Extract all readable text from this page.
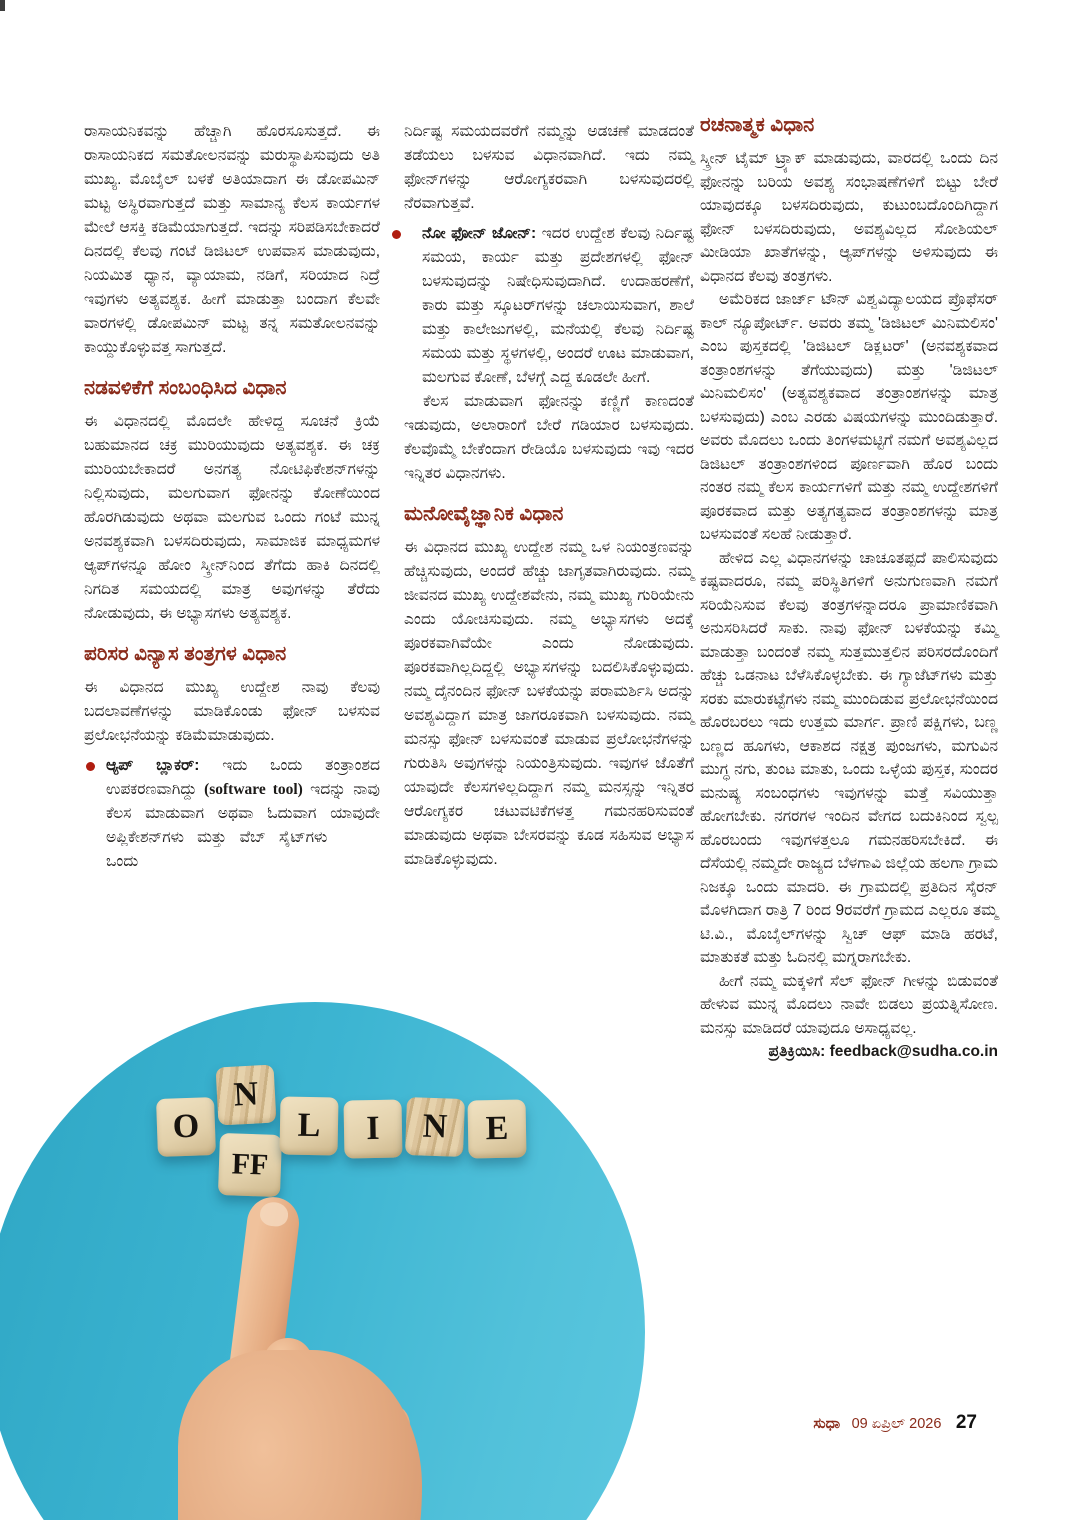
ರಾಸಾಯನಿಕವನ್ನು ಹೆಚ್ಚಾಗಿ ಹೊರಸೂಸುತ್ತದೆ. ಈ ರಾಸಾಯನಿಕದ ಸಮತೋಲನವನ್ನು ಮರುಸ್ಥಾಪಿಸುವುದು ಅತಿ ಮುಖ್ಯ. ಮೊಬೈಲ್ ಬಳಕೆ ಅತಿಯಾದಾಗ ಈ ಡೋಪಮಿನ್ ಮಟ್ಟ ಅಸ್ಥಿರವಾಗುತ್ತದೆ ಮತ್ತು ಸಾಮಾನ್ಯ ಕೆಲಸ ಕಾರ್ಯಗಳ ಮೇಲೆ ಆಸಕ್ತಿ ಕಡಿಮೆಯಾಗುತ್ತದೆ. ಇದನ್ನು ಸರಿಪಡಿಸಬೇಕಾದರೆ ದಿನದಲ್ಲಿ ಕೆಲವು ಗಂಟೆ ಡಿಜಿಟಲ್ ಉಪವಾಸ ಮಾಡುವುದು, ನಿಯಮಿತ ಧ್ಯಾನ, ವ್ಯಾಯಾಮ, ನಡಿಗೆ, ಸರಿಯಾದ ನಿದ್ರೆ ಇವುಗಳು ಅತ್ಯವಶ್ಯಕ. ಹೀಗೆ ಮಾಡುತ್ತಾ ಬಂದಾಗ ಕೆಲವೇ ವಾರಗಳಲ್ಲಿ ಡೋಪಮಿನ್ ಮಟ್ಟ ತನ್ನ ಸಮತೋಲನವನ್ನು ಕಾಯ್ದುಕೊಳ್ಳುವತ್ತ ಸಾಗುತ್ತದೆ.

ನಡವಳಿಕೆಗೆ ಸಂಬಂಧಿಸಿದ ವಿಧಾನ

ಈ ವಿಧಾನದಲ್ಲಿ ಮೊದಲೇ ಹೇಳಿದ್ದ ಸೂಚನೆ ಕ್ರಿಯೆ ಬಹುಮಾನದ ಚಕ್ರ ಮುರಿಯುವುದು ಅತ್ಯವಶ್ಯಕ. ಈ ಚಕ್ರ ಮುರಿಯಬೇಕಾದರೆ ಅನಗತ್ಯ ನೋಟಿಫಿಕೇಶನ್‌ಗಳನ್ನು ನಿಲ್ಲಿಸುವುದು, ಮಲಗುವಾಗ ಫೋನನ್ನು ಕೋಣೆಯಿಂದ ಹೊರಗಿಡುವುದು ಅಥವಾ ಮಲಗುವ ಒಂದು ಗಂಟೆ ಮುನ್ನ ಅನವಶ್ಯಕವಾಗಿ ಬಳಸದಿರುವುದು, ಸಾಮಾಜಿಕ ಮಾಧ್ಯಮಗಳ ಆ್ಯಪ್‌ಗಳನ್ನೂ ಹೋಂ ಸ್ಕ್ರೀನ್‌ನಿಂದ ತೆಗೆದು ಹಾಕಿ ದಿನದಲ್ಲಿ ನಿಗದಿತ ಸಮಯದಲ್ಲಿ ಮಾತ್ರ ಅವುಗಳನ್ನು ತೆರೆದು ನೋಡುವುದು, ಈ ಅಭ್ಯಾಸಗಳು ಅತ್ಯವಶ್ಯಕ.

ಪರಿಸರ ವಿನ್ಯಾಸ ತಂತ್ರಗಳ ವಿಧಾನ

ಈ ವಿಧಾನದ ಮುಖ್ಯ ಉದ್ದೇಶ ನಾವು ಕೆಲವು ಬದಲಾವಣೆಗಳನ್ನು ಮಾಡಿಕೊಂಡು ಫೋನ್ ಬಳಸುವ ಪ್ರಲೋಭನೆಯನ್ನು ಕಡಿಮೆಮಾಡುವುದು.

ಆ್ಯಪ್ ಬ್ಲಾಕರ್: ಇದು ಒಂದು ತಂತ್ರಾಂಶದ ಉಪಕರಣವಾಗಿದ್ದು (software tool) ಇದನ್ನು ನಾವು ಕೆಲಸ ಮಾಡುವಾಗ ಅಥವಾ ಓದುವಾಗ ಯಾವುದೇ ಅಪ್ಲಿಕೇಶನ್‌ಗಳು ಮತ್ತು ವೆಬ್ ಸೈಟ್‌ಗಳು ಒಂದು

ನಿರ್ದಿಷ್ಟ ಸಮಯದವರೆಗೆ ನಮ್ಮನ್ನು ಅಡಚಣೆ ಮಾಡದಂತೆ ತಡೆಯಲು ಬಳಸುವ ವಿಧಾನವಾಗಿದೆ. ಇದು ನಮ್ಮ ಫೋನ್‌ಗಳನ್ನು ಆರೋಗ್ಯಕರವಾಗಿ ಬಳಸುವುದರಲ್ಲಿ ನೆರವಾಗುತ್ತವೆ.

ನೋ ಫೋನ್ ಜೋನ್: ಇದರ ಉದ್ದೇಶ ಕೆಲವು ನಿರ್ದಿಷ್ಟ ಸಮಯ, ಕಾರ್ಯ ಮತ್ತು ಪ್ರದೇಶಗಳಲ್ಲಿ ಫೋನ್ ಬಳಸುವುದನ್ನು ನಿಷೇಧಿಸುವುದಾಗಿದೆ. ಉದಾಹರಣೆಗೆ, ಕಾರು ಮತ್ತು ಸ್ಕೂಟರ್‌ಗಳನ್ನು ಚಲಾಯಿಸುವಾಗ, ಶಾಲೆ ಮತ್ತು ಕಾಲೇಜುಗಳಲ್ಲಿ, ಮನೆಯಲ್ಲಿ ಕೆಲವು ನಿರ್ದಿಷ್ಟ ಸಮಯ ಮತ್ತು ಸ್ಥಳಗಳಲ್ಲಿ, ಅಂದರೆ ಊಟ ಮಾಡುವಾಗ, ಮಲಗುವ ಕೋಣೆ, ಬೆಳಗ್ಗೆ ಎದ್ದ ಕೂಡಲೇ ಹೀಗೆ.

ಕೆಲಸ ಮಾಡುವಾಗ ಫೋನನ್ನು ಕಣ್ಣಿಗೆ ಕಾಣದಂತೆ ಇಡುವುದು, ಅಲಾರಾಂಗೆ ಬೇರೆ ಗಡಿಯಾರ ಬಳಸುವುದು. ಕೆಲವೊಮ್ಮೆ ಬೇಕೆಂದಾಗ ರೇಡಿಯೊ ಬಳಸುವುದು ಇವು ಇದರ ಇನ್ನಿತರ ವಿಧಾನಗಳು.

ಮನೋವೈಜ್ಞಾನಿಕ ವಿಧಾನ

ಈ ವಿಧಾನದ ಮುಖ್ಯ ಉದ್ದೇಶ ನಮ್ಮ ಒಳ ನಿಯಂತ್ರಣವನ್ನು ಹೆಚ್ಚಿಸುವುದು, ಅಂದರೆ ಹೆಚ್ಚು ಜಾಗೃತವಾಗಿರುವುದು. ನಮ್ಮ ಜೀವನದ ಮುಖ್ಯ ಉದ್ದೇಶವೇನು, ನಮ್ಮ ಮುಖ್ಯ ಗುರಿಯೇನು ಎಂದು ಯೋಚಿಸುವುದು. ನಮ್ಮ ಅಭ್ಯಾಸಗಳು ಅದಕ್ಕೆ ಪೂರಕವಾಗಿವೆಯೇ ಎಂದು ನೋಡುವುದು. ಪೂರಕವಾಗಿಲ್ಲದಿದ್ದಲ್ಲಿ ಅಭ್ಯಾಸಗಳನ್ನು ಬದಲಿಸಿಕೊಳ್ಳುವುದು. ನಮ್ಮ ದೈನಂದಿನ ಫೋನ್ ಬಳಕೆಯನ್ನು ಪರಾಮರ್ಶಿಸಿ ಅದನ್ನು ಅವಶ್ಯವಿದ್ದಾಗ ಮಾತ್ರ ಜಾಗರೂಕವಾಗಿ ಬಳಸುವುದು. ನಮ್ಮ ಮನಸ್ಸು ಫೋನ್ ಬಳಸುವಂತೆ ಮಾಡುವ ಪ್ರಲೋಭನೆಗಳನ್ನು ಗುರುತಿಸಿ ಅವುಗಳನ್ನು ನಿಯಂತ್ರಿಸುವುದು. ಇವುಗಳ ಜೊತೆಗೆ ಯಾವುದೇ ಕೆಲಸಗಳಿಲ್ಲದಿದ್ದಾಗ ನಮ್ಮ ಮನಸ್ಸನ್ನು ಇನ್ನಿತರ ಆರೋಗ್ಯಕರ ಚಟುವಟಿಕೆಗಳತ್ತ ಗಮನಹರಿಸುವಂತೆ ಮಾಡುವುದು ಅಥವಾ ಬೇಸರವನ್ನು ಕೂಡ ಸಹಿಸುವ ಅಭ್ಯಾಸ ಮಾಡಿಕೊಳ್ಳುವುದು.

ರಚನಾತ್ಮಕ ವಿಧಾನ

ಸ್ಕ್ರೀನ್ ಟೈಮ್ ಟ್ರ್ಯಾಕ್ ಮಾಡುವುದು, ವಾರದಲ್ಲಿ ಒಂದು ದಿನ ಫೋನನ್ನು ಬರಿಯ ಅವಶ್ಯ ಸಂಭಾಷಣೆಗಳಿಗೆ ಬಿಟ್ಟು ಬೇರೆ ಯಾವುದಕ್ಕೂ ಬಳಸದಿರುವುದು, ಕುಟುಂಬದೊಂದಿಗಿದ್ದಾಗ ಫೋನ್ ಬಳಸದಿರುವುದು, ಅವಶ್ಯವಿಲ್ಲದ ಸೋಶಿಯಲ್ ಮೀಡಿಯಾ ಖಾತೆಗಳನ್ನು, ಆ್ಯಪ್‌ಗಳನ್ನು ಅಳಿಸುವುದು ಈ ವಿಧಾನದ ಕೆಲವು ತಂತ್ರಗಳು.

ಅಮೆರಿಕದ ಜಾರ್ಜ್ ಟೌನ್ ವಿಶ್ವವಿದ್ಯಾಲಯದ ಪ್ರೊಫೆಸರ್ ಕಾಲ್ ನ್ಯೂಪೋರ್ಟ್. ಅವರು ತಮ್ಮ 'ಡಿಜಿಟಲ್ ಮಿನಿಮಲಿಸಂ' ಎಂಬ ಪುಸ್ತಕದಲ್ಲಿ 'ಡಿಜಿಟಲ್ ಡಿಕ್ಲಟರ್' (ಅನವಶ್ಯಕವಾದ ತಂತ್ರಾಂಶಗಳನ್ನು ತೆಗೆಯುವುದು) ಮತ್ತು 'ಡಿಜಿಟಲ್ ಮಿನಿಮಲಿಸಂ' (ಅತ್ಯವಶ್ಯಕವಾದ ತಂತ್ರಾಂಶಗಳನ್ನು ಮಾತ್ರ ಬಳಸುವುದು) ಎಂಬ ಎರಡು ವಿಷಯಗಳನ್ನು ಮುಂದಿಡುತ್ತಾರೆ. ಅವರು ಮೊದಲು ಒಂದು ತಿಂಗಳಮಟ್ಟಿಗೆ ನಮಗೆ ಅವಶ್ಯವಿಲ್ಲದ ಡಿಜಿಟಲ್ ತಂತ್ರಾಂಶಗಳಿಂದ ಪೂರ್ಣವಾಗಿ ಹೊರ ಬಂದು ನಂತರ ನಮ್ಮ ಕೆಲಸ ಕಾರ್ಯಗಳಿಗೆ ಮತ್ತು ನಮ್ಮ ಉದ್ದೇಶಗಳಿಗೆ ಪೂರಕವಾದ ಮತ್ತು ಅತ್ಯಗತ್ಯವಾದ ತಂತ್ರಾಂಶಗಳನ್ನು ಮಾತ್ರ ಬಳಸುವಂತೆ ಸಲಹೆ ನೀಡುತ್ತಾರೆ.

ಹೇಳಿದ ಎಲ್ಲ ವಿಧಾನಗಳನ್ನು ಚಾಚೂತಪ್ಪದೆ ಪಾಲಿಸುವುದು ಕಷ್ಟವಾದರೂ, ನಮ್ಮ ಪರಿಸ್ಥಿತಿಗಳಿಗೆ ಅನುಗುಣವಾಗಿ ನಮಗೆ ಸರಿಯೆನಿಸುವ ಕೆಲವು ತಂತ್ರಗಳನ್ನಾದರೂ ಪ್ರಾಮಾಣಿಕವಾಗಿ ಅನುಸರಿಸಿದರೆ ಸಾಕು. ನಾವು ಫೋನ್ ಬಳಕೆಯನ್ನು ಕಮ್ಮಿ ಮಾಡುತ್ತಾ ಬಂದಂತೆ ನಮ್ಮ ಸುತ್ತಮುತ್ತಲಿನ ಪರಿಸರದೊಂದಿಗೆ ಹೆಚ್ಚು ಒಡನಾಟ ಬೆಳೆಸಿಕೊಳ್ಳಬೇಕು. ಈ ಗ್ಯಾಜೆಟ್‌ಗಳು ಮತ್ತು ಸರಕು ಮಾರುಕಟ್ಟೆಗಳು ನಮ್ಮ ಮುಂದಿಡುವ ಪ್ರಲೋಭನೆಯಿಂದ ಹೊರಬರಲು ಇದು ಉತ್ತಮ ಮಾರ್ಗ. ಪ್ರಾಣಿ ಪಕ್ಷಿಗಳು, ಬಣ್ಣ ಬಣ್ಣದ ಹೂಗಳು, ಆಕಾಶದ ನಕ್ಷತ್ರ ಪುಂಜಗಳು, ಮಗುವಿನ ಮುಗ್ಧ ನಗು, ತುಂಟ ಮಾತು, ಒಂದು ಒಳ್ಳೆಯ ಪುಸ್ತಕ, ಸುಂದರ ಮನುಷ್ಯ ಸಂಬಂಧಗಳು ಇವುಗಳನ್ನು ಮತ್ತೆ ಸವಿಯುತ್ತಾ ಹೋಗಬೇಕು. ನಗರಗಳ ಇಂದಿನ ವೇಗದ ಬದುಕಿನಿಂದ ಸ್ವಲ್ಪ ಹೊರಬಂದು ಇವುಗಳತ್ತಲೂ ಗಮನಹರಿಸಬೇಕಿದೆ. ಈ ದೆಸೆಯಲ್ಲಿ ನಮ್ಮದೇ ರಾಜ್ಯದ ಬೆಳಗಾವಿ ಜಿಲ್ಲೆಯ ಹಲಗಾ ಗ್ರಾಮ ನಿಜಕ್ಕೂ ಒಂದು ಮಾದರಿ. ಈ ಗ್ರಾಮದಲ್ಲಿ ಪ್ರತಿದಿನ ಸೈರನ್ ಮೊಳಗಿದಾಗ ರಾತ್ರಿ 7 ರಿಂದ 9ರವರೆಗೆ ಗ್ರಾಮದ ಎಲ್ಲರೂ ತಮ್ಮ ಟಿ.ವಿ., ಮೊಬೈಲ್‌ಗಳನ್ನು ಸ್ವಿಚ್ ಆಫ್ ಮಾಡಿ ಹರಟೆ, ಮಾತುಕತೆ ಮತ್ತು ಓದಿನಲ್ಲಿ ಮಗ್ನರಾಗಬೇಕು.

ಹೀಗೆ ನಮ್ಮ ಮಕ್ಕಳಿಗೆ ಸೆಲ್ ಫೋನ್ ಗೀಳನ್ನು ಬಿಡುವಂತೆ ಹೇಳುವ ಮುನ್ನ ಮೊದಲು ನಾವೇ ಬಿಡಲು ಪ್ರಯತ್ನಿಸೋಣ. ಮನಸ್ಸು ಮಾಡಿದರೆ ಯಾವುದೂ ಅಸಾಧ್ಯವಲ್ಲ.

ಪ್ರತಿಕ್ರಿಯಿಸಿ: feedback@sudha.co.in

O
N
FF
L I N E
ಸುಧಾ 09 ಏಪ್ರಿಲ್ 2026 27
